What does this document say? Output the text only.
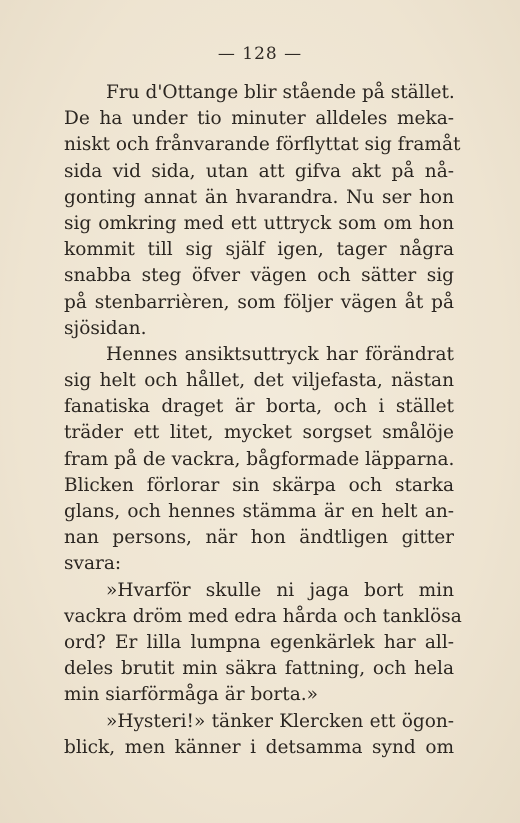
— 128 —
Fru d'Ottange blir stående på stället.
De ha under tio minuter alldeles meka-
niskt och frånvarande förflyttat sig framåt
sida vid sida, utan att gifva akt på nå-
gonting annat än hvarandra. Nu ser hon
sig omkring med ett uttryck som om hon
kommit till sig själf igen, tager några
snabba steg öfver vägen och sätter sig
på stenbarrièren, som följer vägen åt på
sjösidan.
Hennes ansiktsuttryck har förändrat
sig helt och hållet, det viljefasta, nästan
fanatiska draget är borta, och i stället
träder ett litet, mycket sorgset smålöje
fram på de vackra, bågformade läpparna.
Blicken förlorar sin skärpa och starka
glans, och hennes stämma är en helt an-
nan persons, när hon ändtligen gitter
svara:
»Hvarför skulle ni jaga bort min
vackra dröm med edra hårda och tanklösa
ord? Er lilla lumpna egenkärlek har all-
deles brutit min säkra fattning, och hela
min siarförmåga är borta.»
»Hysteri!» tänker Klercken ett ögon-
blick, men känner i detsamma synd om
